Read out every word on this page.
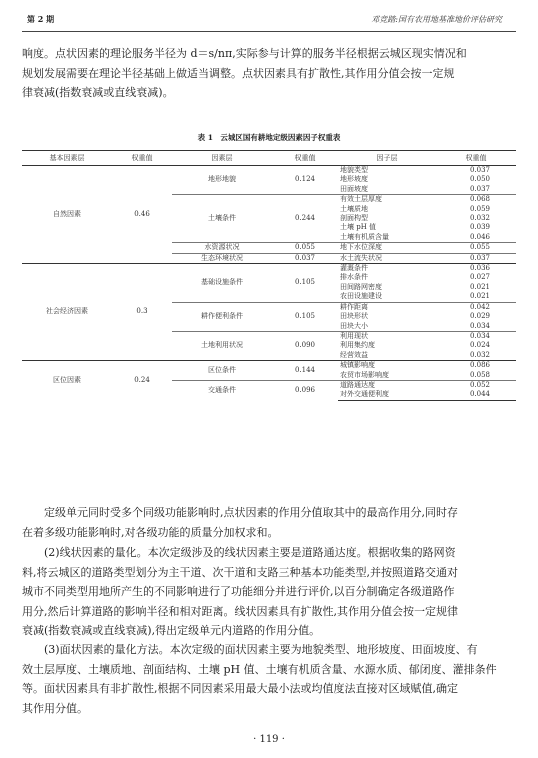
第 2 期	邓竞踏:国有农用地基准地价评估研究
响度。点状因素的理论服务半径为 d＝s/nπ,实际参与计算的服务半径根据云城区现实情况和
规划发展需要在理论半径基础上做适当调整。点状因素具有扩散性,其作用分值会按一定规
律衰减(指数衰减或直线衰减)。
表 1　云城区国有耕地定级因素因子权重表
基本因素层	权重值	因素层	权重值	因子层	权重值
自然因素	0.46	地形地貌	0.124	地貌类型	0.037
				地形坡度	0.050
				田面坡度	0.037
		土壤条件	0.244	有效土层厚度	0.068
				土壤质地	0.059
				剖面构型	0.032
				土壤 pH 值	0.039
				土壤有机质含量	0.046
		水资源状况	0.055	地下水位深度	0.055
		生态环境状况	0.037	水土流失状况	0.037
社会经济因素	0.3	基础设施条件	0.105	灌溉条件	0.036
				排水条件	0.027
				田间路网密度	0.021
				农田设施建设	0.021
		耕作便利条件	0.105	耕作距离	0.042
				田块形状	0.029
				田块大小	0.034
		土地利用状况	0.090	利用现状	0.034
				利用集约度	0.024
				经营效益	0.032
区位因素	0.24	区位条件	0.144	城镇影响度	0.086
				农贸市场影响度	0.058
		交通条件	0.096	道路通达度	0.052
				对外交通便利度	0.044
定级单元同时受多个同级功能影响时,点状因素的作用分值取其中的最高作用分,同时存
在着多级功能影响时,对各级功能的质量分加权求和。
(2)线状因素的量化。本次定级涉及的线状因素主要是道路通达度。根据收集的路网资
料,将云城区的道路类型划分为主干道、次干道和支路三种基本功能类型,并按照道路交通对
城市不同类型用地所产生的不同影响进行了功能细分并进行评价,以百分制确定各级道路作
用分,然后计算道路的影响半径和相对距离。线状因素具有扩散性,其作用分值会按一定规律
衰减(指数衰减或直线衰减),得出定级单元内道路的作用分值。
(3)面状因素的量化方法。本次定级的面状因素主要为地貌类型、地形坡度、田面坡度、有
效土层厚度、土壤质地、剖面结构、土壤 pH 值、土壤有机质含量、水源水质、郁闭度、灌排条件
等。面状因素具有非扩散性,根据不同因素采用最大最小法或均值度法直接对区域赋值,确定
其作用分值。
· 119 ·
